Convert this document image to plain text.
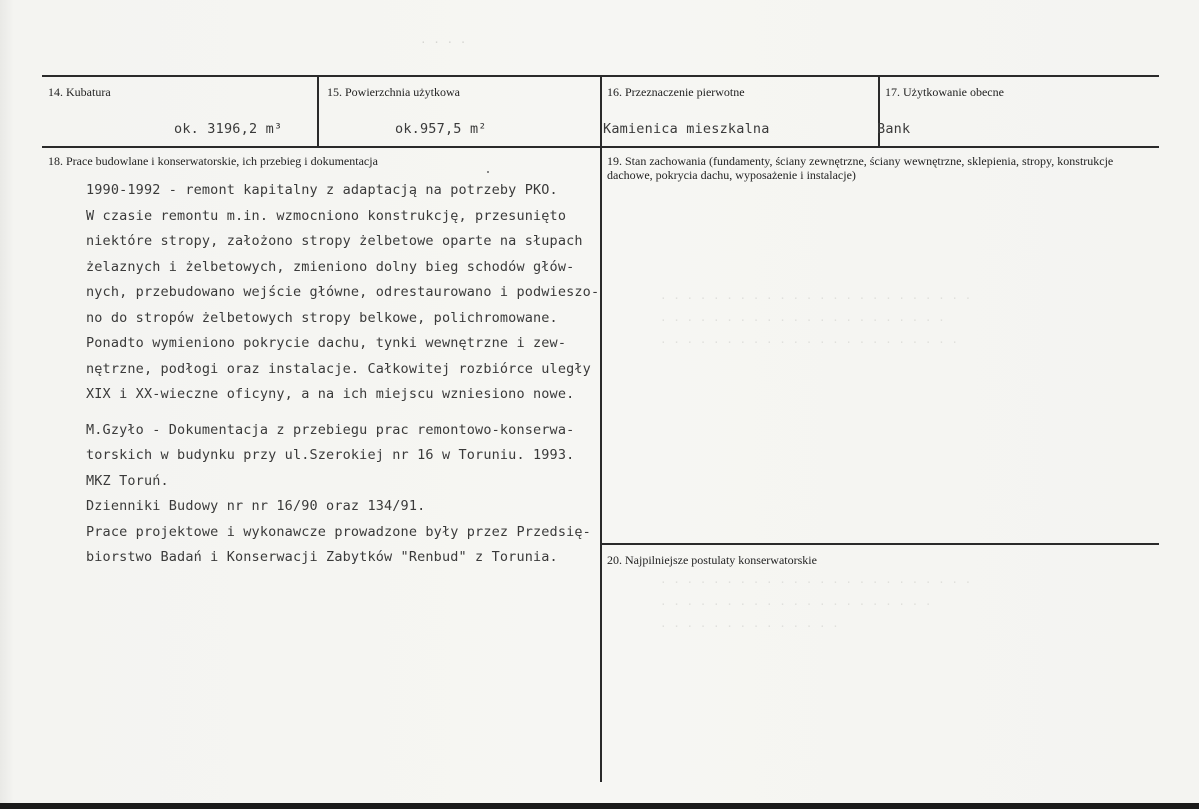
· · · ·
· · · · · · · · · · · · · · · · · · · · · · · ·
· · · · · · · · · · · · · · · · · · · · · ·
· · · · · · · · · · · · · · · · · · · · · · ·
· · · · · · · · · · · · · · · · · · · · · · · ·
· · · · · · · · · · · · · · · · · · · · ·
· · · · · · · · · · · · · ·
14. Kubatura
ok. 3196,2 m³
15. Powierzchnia użytkowa
ok.957,5 m²
16. Przeznaczenie pierwotne
Kamienica mieszkalna
17. Użytkowanie obecne
Bank
18. Prace budowlane i konserwatorskie, ich przebieg i dokumentacja
1990-1992 - remont kapitalny z adaptacją na potrzeby PKO.
W czasie remontu m.in. wzmocniono konstrukcję, przesunięto
niektóre stropy, założono stropy żelbetowe oparte na słupach
żelaznych i żelbetowych, zmieniono dolny bieg schodów głów-
nych, przebudowano wejście główne, odrestaurowano i podwieszo-
no do stropów żelbetowych stropy belkowe, polichromowane.
Ponadto wymieniono pokrycie dachu, tynki wewnętrzne i zew-
nętrzne, podłogi oraz instalacje. Całkowitej rozbiórce uległy
XIX i XX-wieczne oficyny, a na ich miejscu wzniesiono nowe.
M.Gzyło - Dokumentacja z przebiegu prac remontowo-konserwa-
torskich w budynku przy ul.Szerokiej nr 16 w Toruniu. 1993.
MKZ Toruń.
Dzienniki Budowy nr nr 16/90 oraz 134/91.
Prace projektowe i wykonawcze prowadzone były przez Przedsię-
biorstwo Badań i Konserwacji Zabytków "Renbud" z Torunia.
19. Stan zachowania (fundamenty, ściany zewnętrzne, ściany wewnętrzne, sklepienia, stropy, konstrukcje dachowe, pokrycia dachu, wyposażenie i instalacje)
20. Najpilniejsze postulaty konserwatorskie
